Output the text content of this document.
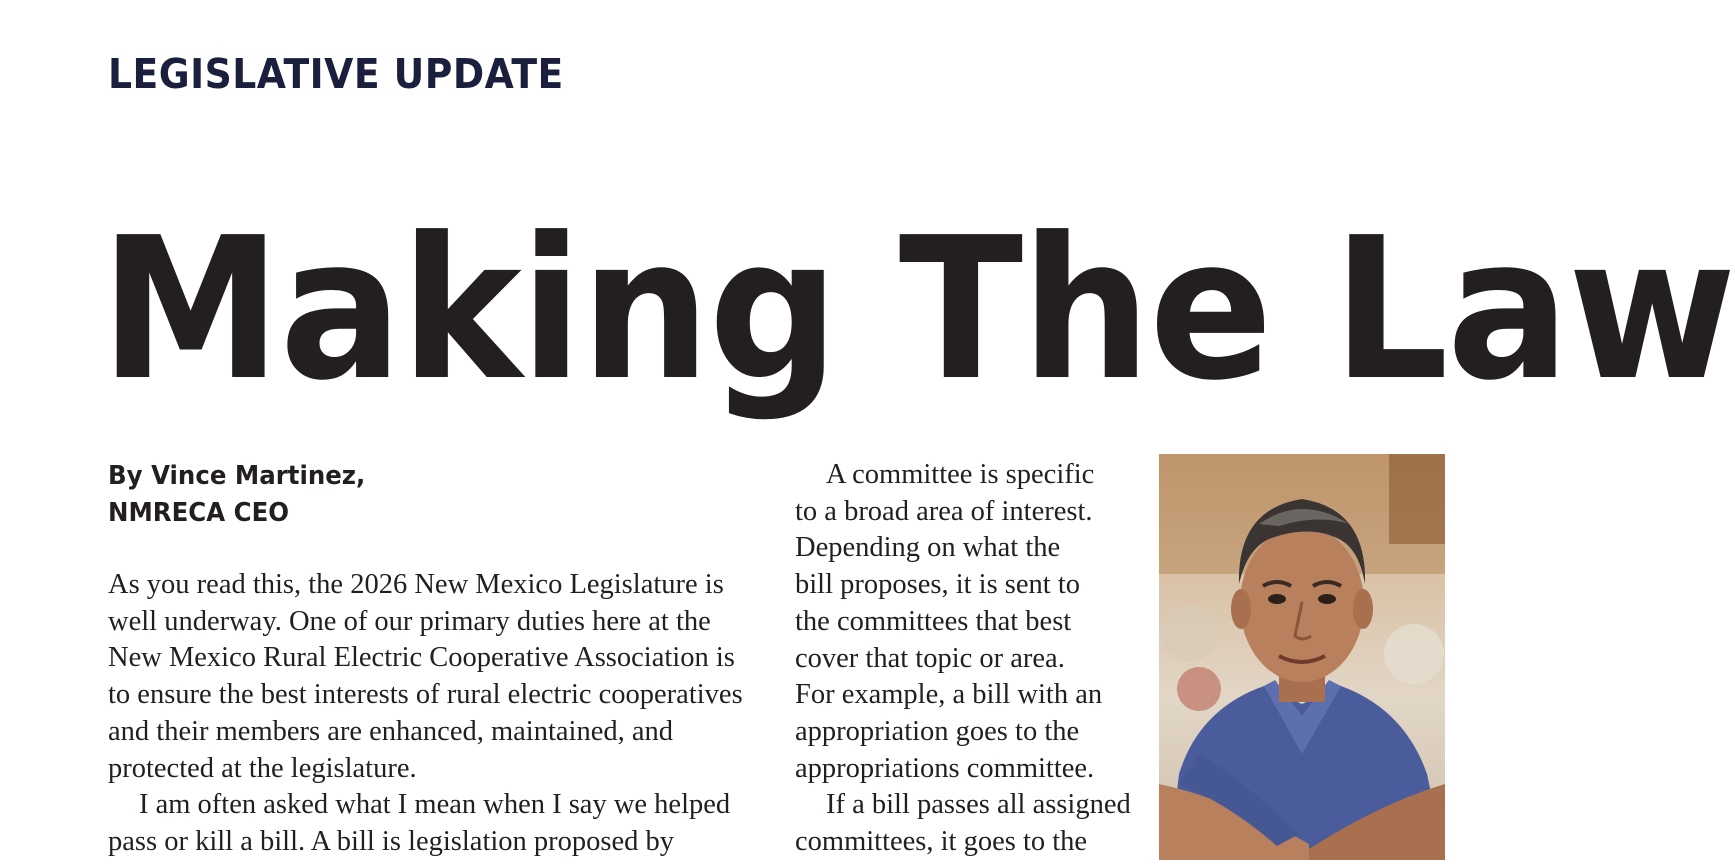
LEGISLATIVE UPDATE
Making The Law
By Vince Martinez,
NMRECA CEO
As you read this, the 2026 New Mexico Legislature is
well underway. One of our primary duties here at the
New Mexico Rural Electric Cooperative Association is
to ensure the best interests of rural electric cooperatives
and their members are enhanced, maintained, and
protected at the legislature.
I am often asked what I mean when I say we helped
pass or kill a bill. A bill is legislation proposed by
A committee is specific
to a broad area of interest.
Depending on what the
bill proposes, it is sent to
the committees that best
cover that topic or area.
For example, a bill with an
appropriation goes to the
appropriations committee.
If a bill passes all assigned
committees, it goes to the
